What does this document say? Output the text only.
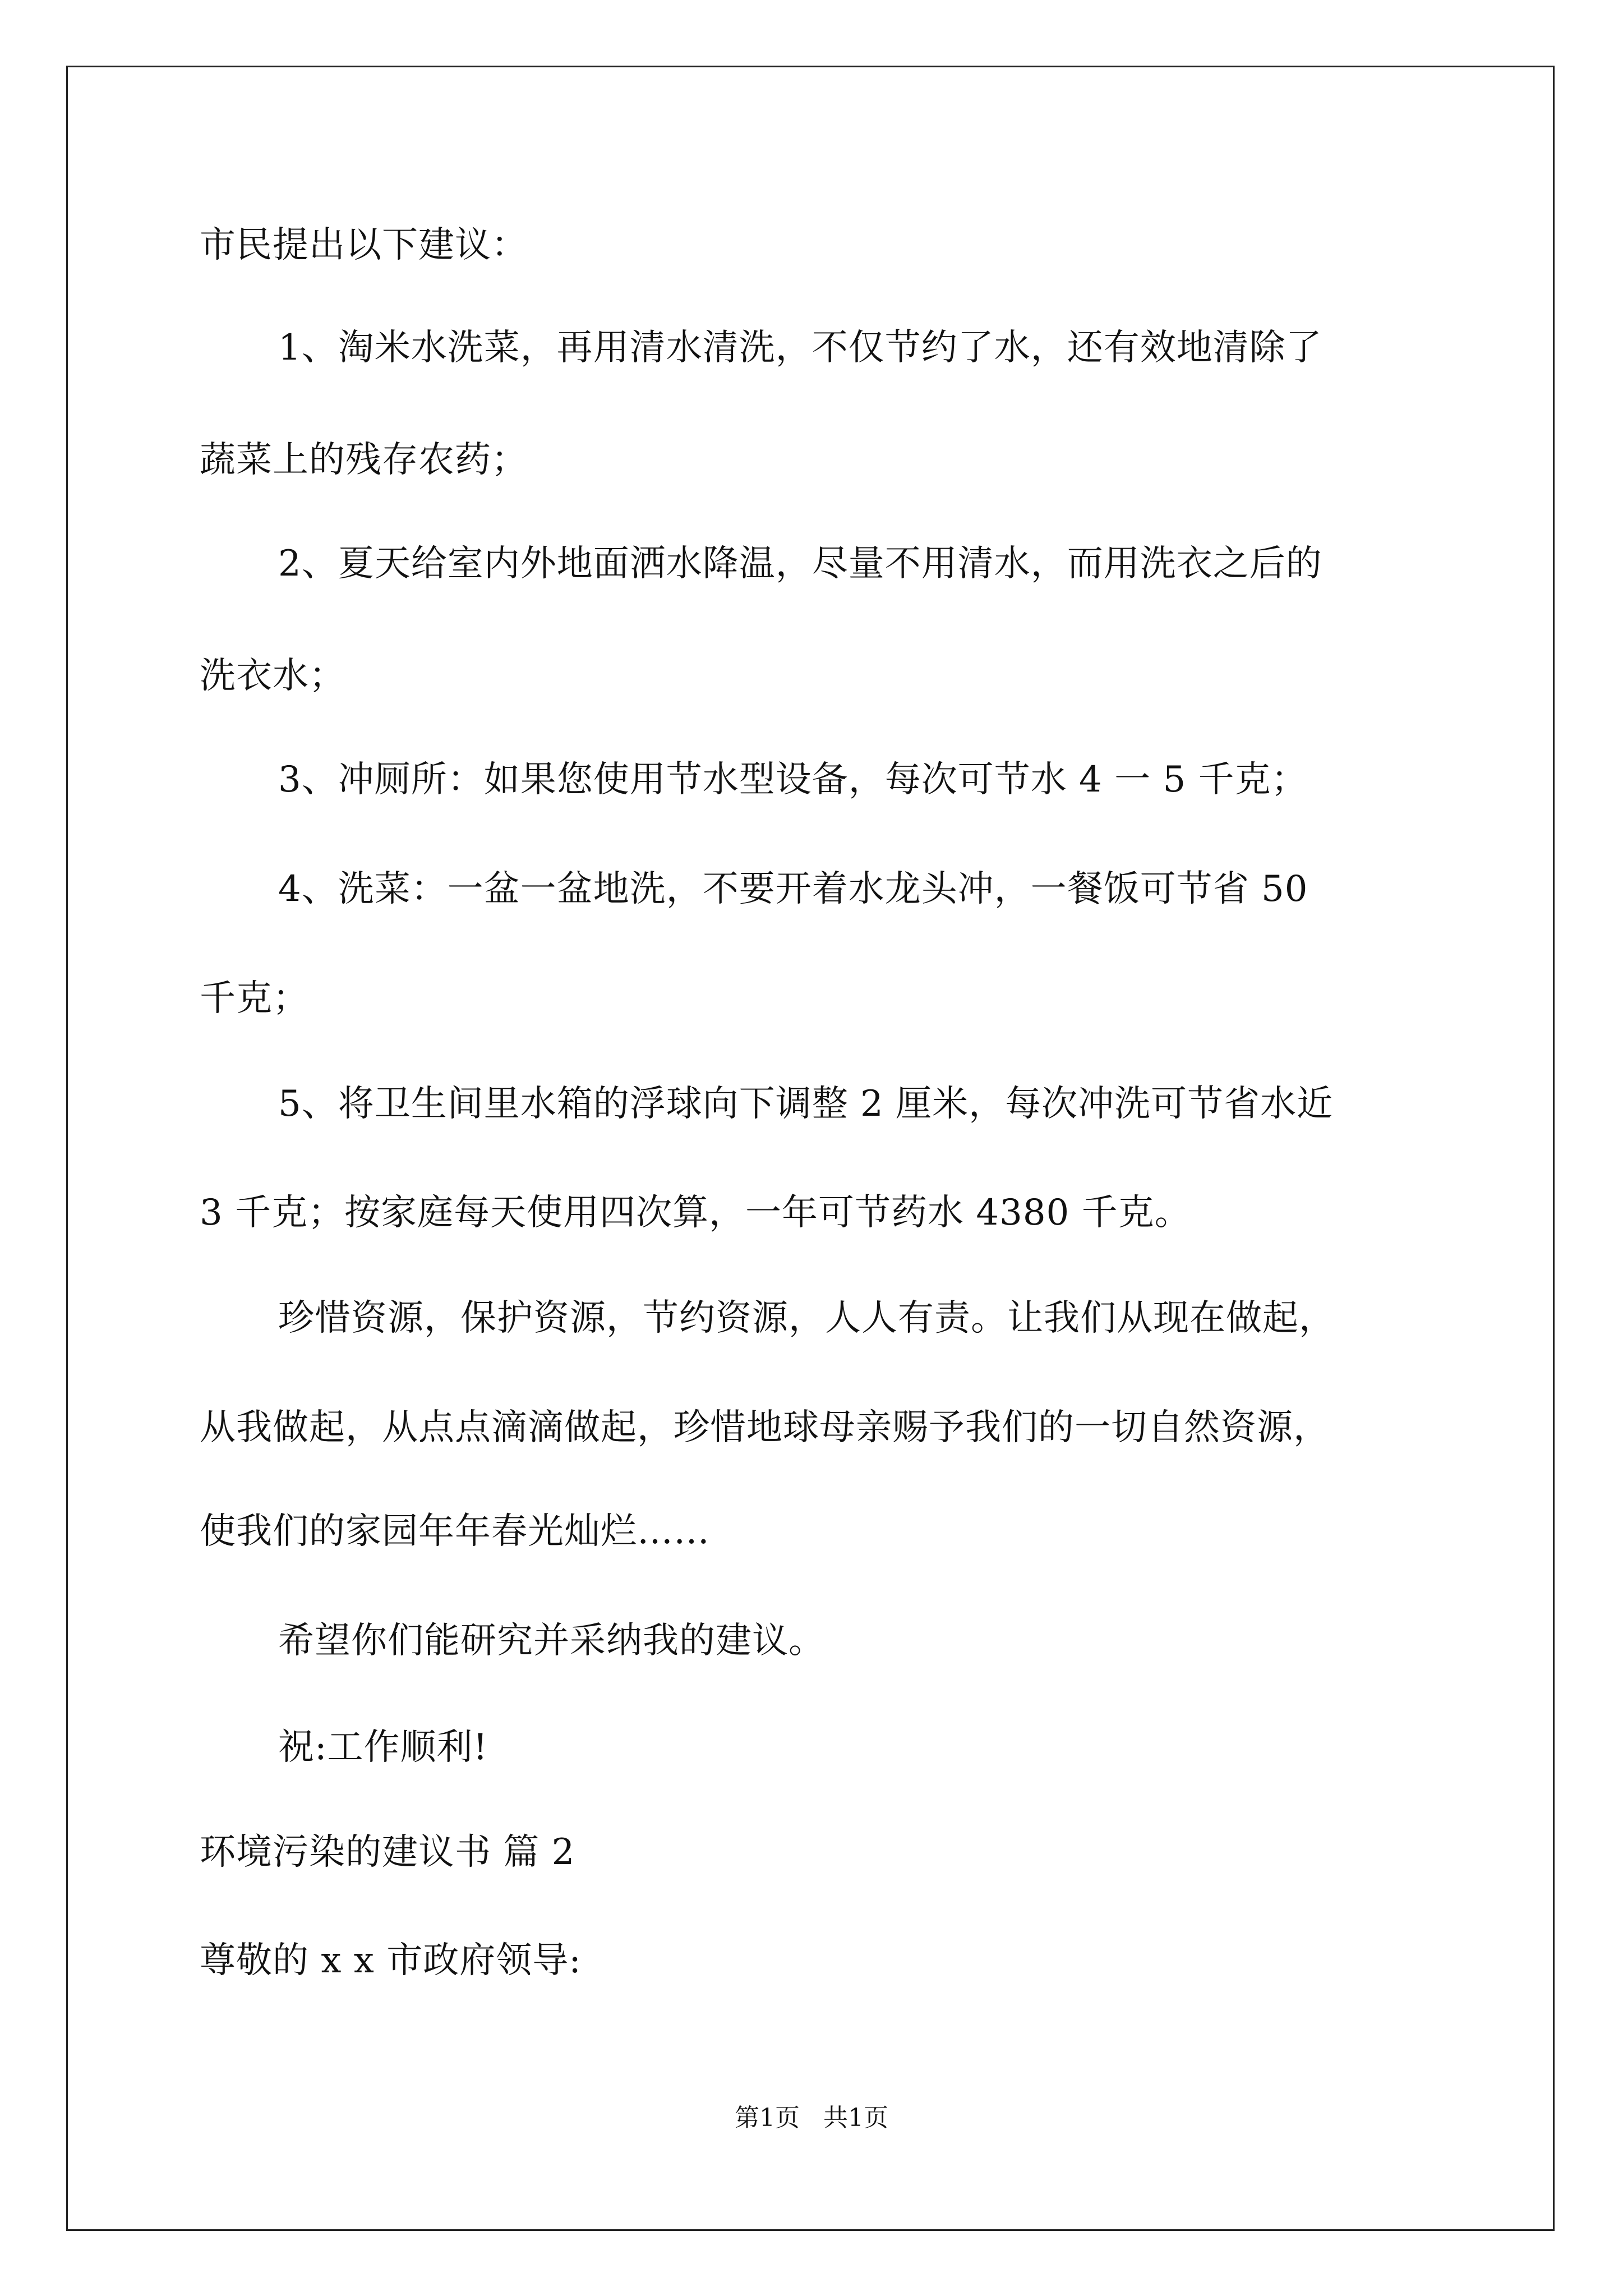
市民提出以下建议：
1、淘米水洗菜，再用清水清洗，不仅节约了水，还有效地清除了
蔬菜上的残存农药；
2、夏天给室内外地面洒水降温，尽量不用清水，而用洗衣之后的
洗衣水；
3、冲厕所：如果您使用节水型设备，每次可节水 4 一 5 千克；
4、洗菜：一盆一盆地洗，不要开着水龙头冲，一餐饭可节省 50
千克；
5、将卫生间里水箱的浮球向下调整 2 厘米，每次冲洗可节省水近
3 千克；按家庭每天使用四次算，一年可节药水 4380 千克。
珍惜资源，保护资源，节约资源，人人有责。让我们从现在做起，
从我做起，从点点滴滴做起，珍惜地球母亲赐予我们的一切自然资源，
使我们的家园年年春光灿烂……
希望你们能研究并采纳我的建议。
祝:工作顺利!
环境污染的建议书 篇 2
尊敬的 x x 市政府领导:
第1页   共1页
